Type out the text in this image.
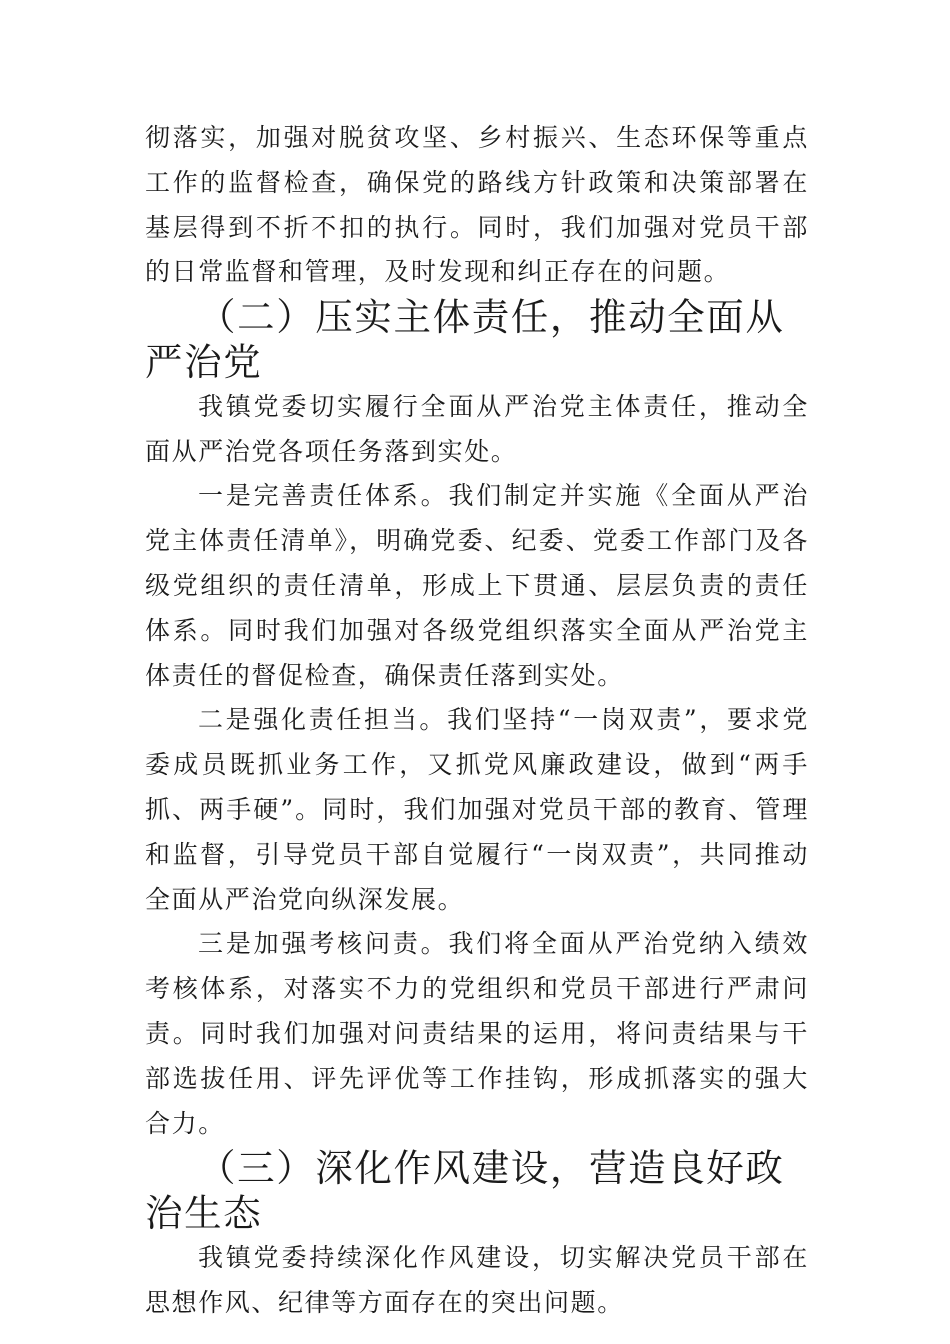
彻落实，加强对脱贫攻坚、乡村振兴、生态环保等重点工作的监督检查，确保党的路线方针政策和决策部署在基层得到不折不扣的执行。同时，我们加强对党员干部的日常监督和管理，及时发现和纠正存在的问题。

（二）压实主体责任，推动全面从严治党

我镇党委切实履行全面从严治党主体责任，推动全面从严治党各项任务落到实处。

一是完善责任体系。我们制定并实施《全面从严治党主体责任清单》，明确党委、纪委、党委工作部门及各级党组织的责任清单，形成上下贯通、层层负责的责任体系。同时我们加强对各级党组织落实全面从严治党主体责任的督促检查，确保责任落到实处。

二是强化责任担当。我们坚持“一岗双责”，要求党委成员既抓业务工作，又抓党风廉政建设，做到“两手抓、两手硬”。同时，我们加强对党员干部的教育、管理和监督，引导党员干部自觉履行“一岗双责”，共同推动全面从严治党向纵深发展。

三是加强考核问责。我们将全面从严治党纳入绩效考核体系，对落实不力的党组织和党员干部进行严肃问责。同时我们加强对问责结果的运用，将问责结果与干部选拔任用、评先评优等工作挂钩，形成抓落实的强大合力。

（三）深化作风建设，营造良好政治生态

我镇党委持续深化作风建设，切实解决党员干部在思想作风、纪律等方面存在的突出问题。
